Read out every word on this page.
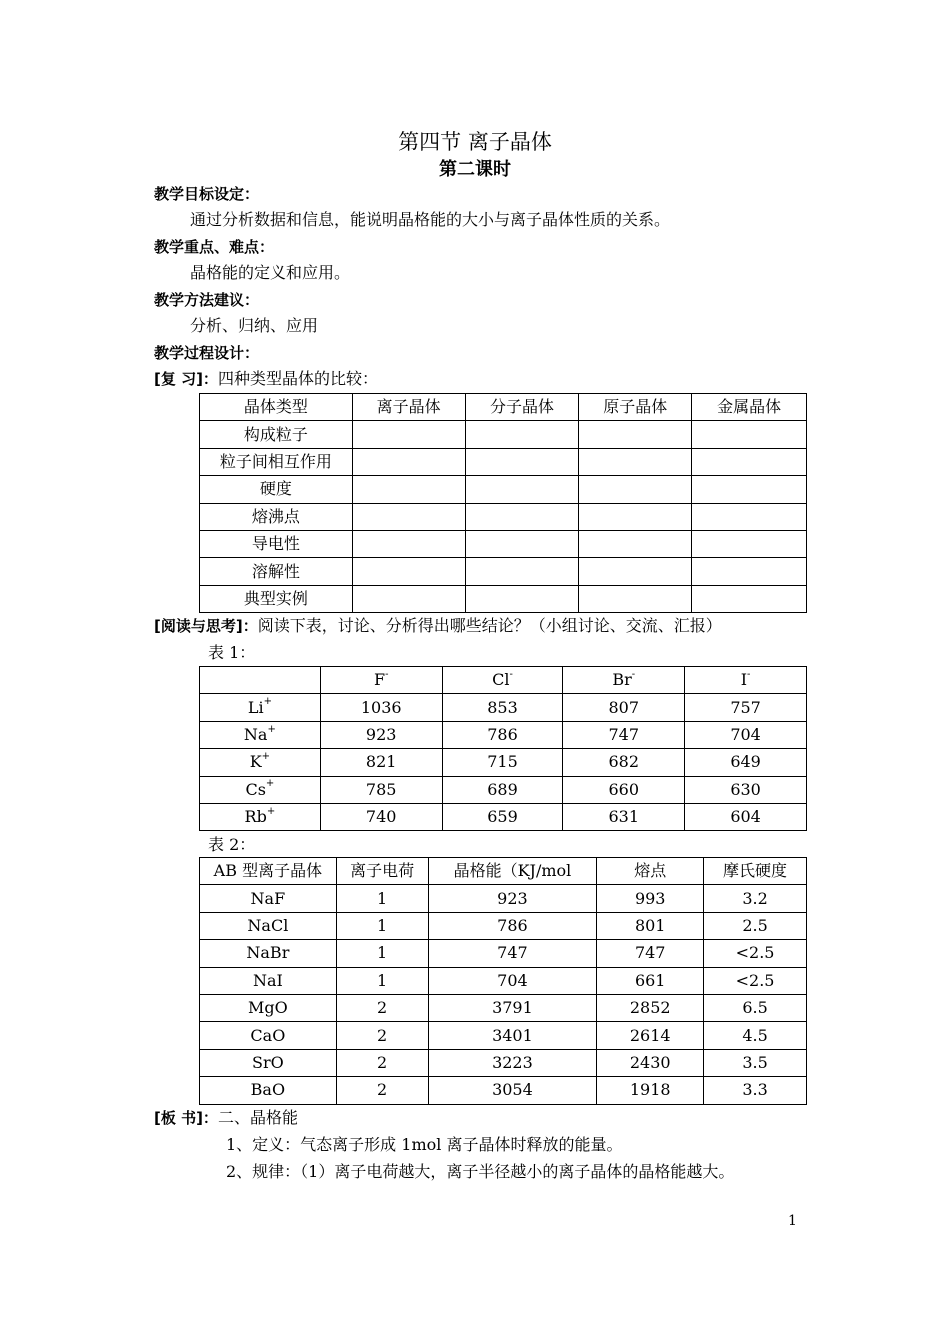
第四节 离子晶体
第二课时
教学目标设定：
通过分析数据和信息，能说明晶格能的大小与离子晶体性质的关系。
教学重点、难点：
晶格能的定义和应用。
教学方法建议：
分析、归纳、应用
教学过程设计：
[复 习]：四种类型晶体的比较：
晶体类型	离子晶体	分子晶体	原子晶体	金属晶体
构成粒子				
粒子间相互作用				
硬度				
熔沸点				
导电性				
溶解性				
典型实例				
[阅读与思考]：阅读下表，讨论、分析得出哪些结论？（小组讨论、交流、汇报）
表 1：
	F-	Cl-	Br-	I-
Li+	1036	853	807	757
Na+	923	786	747	704
K+	821	715	682	649
Cs+	785	689	660	630
Rb+	740	659	631	604
表 2：
AB 型离子晶体	离子电荷	晶格能（KJ/mol	熔点	摩氏硬度
NaF	1	923	993	3.2
NaCl	1	786	801	2.5
NaBr	1	747	747	<2.5
NaI	1	704	661	<2.5
MgO	2	3791	2852	6.5
CaO	2	3401	2614	4.5
SrO	2	3223	2430	3.5
BaO	2	3054	1918	3.3
[板 书]：二、晶格能
1、定义：气态离子形成 1mol 离子晶体时释放的能量。
2、规律：（1）离子电荷越大，离子半径越小的离子晶体的晶格能越大。
1
